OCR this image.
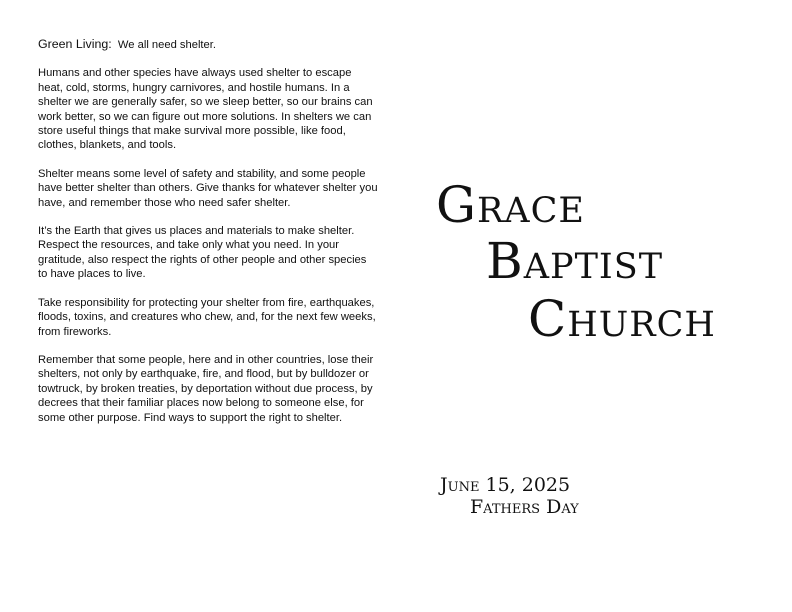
Green Living: We all need shelter.

Humans and other species have always used shelter to escape heat, cold, storms, hungry carnivores, and hostile humans. In a shelter we are generally safer, so we sleep better, so our brains can work better, so we can figure out more solutions. In shelters we can store useful things that make survival more possible, like food, clothes, blankets, and tools.

Shelter means some level of safety and stability, and some people have better shelter than others. Give thanks for whatever shelter you have, and remember those who need safer shelter.

It’s the Earth that gives us places and materials to make shelter. Respect the resources, and take only what you need. In your gratitude, also respect the rights of other people and other species to have places to live.

Take responsibility for protecting your shelter from fire, earthquakes, floods, toxins, and creatures who chew, and, for the next few weeks, from fireworks.

Remember that some people, here and in other countries, lose their shelters, not only by earthquake, fire, and flood, but by bulldozer or towtruck, by broken treaties, by deportation without due process, by decrees that their familiar places now belong to someone else, for some other purpose. Find ways to support the right to shelter.

Grace
Baptist
Church
June 15, 2025
Fathers Day
